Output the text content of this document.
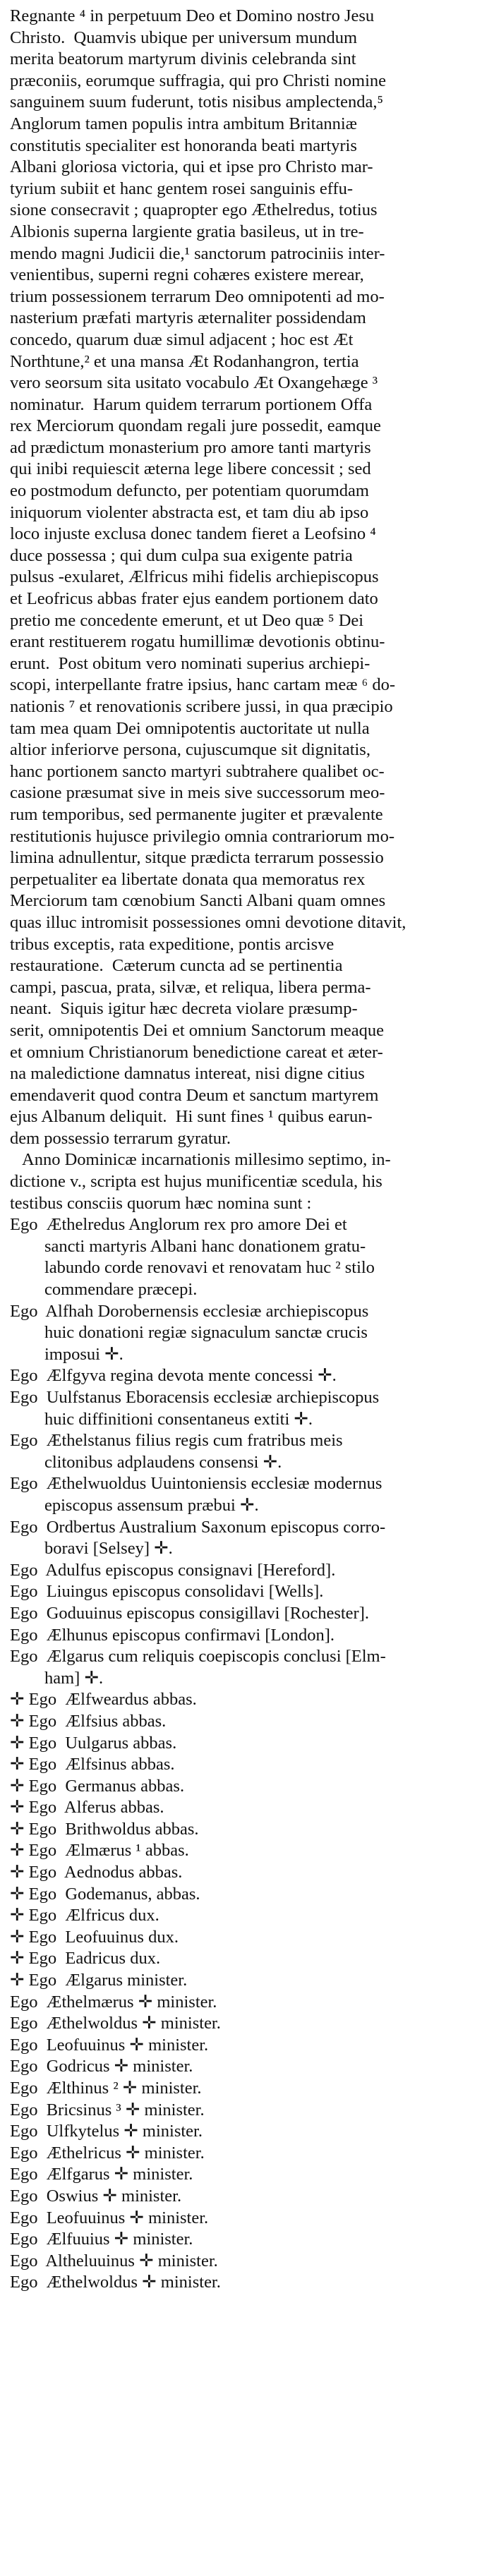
Regnante ⁴ in perpetuum Deo et Domino nostro Jesu
Christo.  Quamvis ubique per universum mundum
merita beatorum martyrum divinis celebranda sint
præconiis, eorumque suffragia, qui pro Christi nomine
sanguinem suum fuderunt, totis nisibus amplectenda,⁵
Anglorum tamen populis intra ambitum Britanniæ
constitutis specialiter est honoranda beati martyris
Albani gloriosa victoria, qui et ipse pro Christo mar-
tyrium subiit et hanc gentem rosei sanguinis effu-
sione consecravit ; quapropter ego Æthelredus, totius
Albionis superna largiente gratia basileus, ut in tre-
mendo magni Judicii die,¹ sanctorum patrociniis inter-
venientibus, superni regni cohæres existere merear,
trium possessionem terrarum Deo omnipotenti ad mo-
nasterium præfati martyris æternaliter possidendam
concedo, quarum duæ simul adjacent ; hoc est Æt
Northtune,² et una mansa Æt Rodanhangron, tertia
vero seorsum sita usitato vocabulo Æt Oxangehæge ³
nominatur.  Harum quidem terrarum portionem Offa
rex Merciorum quondam regali jure possedit, eamque
ad prædictum monasterium pro amore tanti martyris
qui inibi requiescit æterna lege libere concessit ; sed
eo postmodum defuncto, per potentiam quorumdam
iniquorum violenter abstracta est, et tam diu ab ipso
loco injuste exclusa donec tandem fieret a Leofsino ⁴
duce possessa ; qui dum culpa sua exigente patria
pulsus -exularet, Ælfricus mihi fidelis archiepiscopus
et Leofricus abbas frater ejus eandem portionem dato
pretio me concedente emerunt, et ut Deo quæ ⁵ Dei
erant restituerem rogatu humillimæ devotionis obtinu-
erunt.  Post obitum vero nominati superius archiepi-
scopi, interpellante fratre ipsius, hanc cartam meæ ⁶ do-
nationis ⁷ et renovationis scribere jussi, in qua præcipio
tam mea quam Dei omnipotentis auctoritate ut nulla
altior inferiorve persona, cujuscumque sit dignitatis,
hanc portionem sancto martyri subtrahere qualibet oc-
casione præsumat sive in meis sive successorum meo-
rum temporibus, sed permanente jugiter et prævalente
restitutionis hujusce privilegio omnia contrariorum mo-
limina adnullentur, sitque prædicta terrarum possessio
perpetualiter ea libertate donata qua memoratus rex
Merciorum tam cœnobium Sancti Albani quam omnes
quas illuc intromisit possessiones omni devotione ditavit,
tribus exceptis, rata expeditione, pontis arcisve
restauratione.  Cæterum cuncta ad se pertinentia
campi, pascua, prata, silvæ, et reliqua, libera perma-
neant.  Siquis igitur hæc decreta violare præsump-
serit, omnipotentis Dei et omnium Sanctorum meaque
et omnium Christianorum benedictione careat et æter-
na maledictione damnatus intereat, nisi digne citius
emendaverit quod contra Deum et sanctum martyrem
ejus Albanum deliquit.  Hi sunt fines ¹ quibus earun-
dem possessio terrarum gyratur.
Anno Dominicæ incarnationis millesimo septimo, in-
dictione v., scripta est hujus munificentiæ scedula, his
testibus consciis quorum hæc nomina sunt :
Ego  Æthelredus Anglorum rex pro amore Dei et
sancti martyris Albani hanc donationem gratu-
labundo corde renovavi et renovatam huc ² stilo
commendare præcepi.
Ego  Alfhah Dorobernensis ecclesiæ archiepiscopus
huic donationi regiæ signaculum sanctæ crucis
imposui ✛.
Ego  Ælfgyva regina devota mente concessi ✛.
Ego  Uulfstanus Eboracensis ecclesiæ archiepiscopus
huic diffinitioni consentaneus extiti ✛.
Ego  Æthelstanus filius regis cum fratribus meis
clitonibus adplaudens consensi ✛.
Ego  Æthelwuoldus Uuintoniensis ecclesiæ modernus
episcopus assensum præbui ✛.
Ego  Ordbertus Australium Saxonum episcopus corro-
boravi [Selsey] ✛.
Ego  Adulfus episcopus consignavi [Hereford].
Ego  Liuingus episcopus consolidavi [Wells].
Ego  Goduuinus episcopus consigillavi [Rochester].
Ego  Ælhunus episcopus confirmavi [London].
Ego  Ælgarus cum reliquis coepiscopis conclusi [Elm-
ham] ✛.
✛ Ego  Ælfweardus abbas.
✛ Ego  Ælfsius abbas.
✛ Ego  Uulgarus abbas.
✛ Ego  Ælfsinus abbas.
✛ Ego  Germanus abbas.
✛ Ego  Alferus abbas.
✛ Ego  Brithwoldus abbas.
✛ Ego  Ælmærus ¹ abbas.
✛ Ego  Aednodus abbas.
✛ Ego  Godemanus, abbas.
✛ Ego  Ælfricus dux.
✛ Ego  Leofuuinus dux.
✛ Ego  Eadricus dux.
✛ Ego  Ælgarus minister.
Ego  Æthelmærus ✛ minister.
Ego  Æthelwoldus ✛ minister.
Ego  Leofuuinus ✛ minister.
Ego  Godricus ✛ minister.
Ego  Ælthinus ² ✛ minister.
Ego  Bricsinus ³ ✛ minister.
Ego  Ulfkytelus ✛ minister.
Ego  Æthelricus ✛ minister.
Ego  Ælfgarus ✛ minister.
Ego  Oswius ✛ minister.
Ego  Leofuuinus ✛ minister.
Ego  Ælfuuius ✛ minister.
Ego  Altheluuinus ✛ minister.
Ego  Æthelwoldus ✛ minister.
